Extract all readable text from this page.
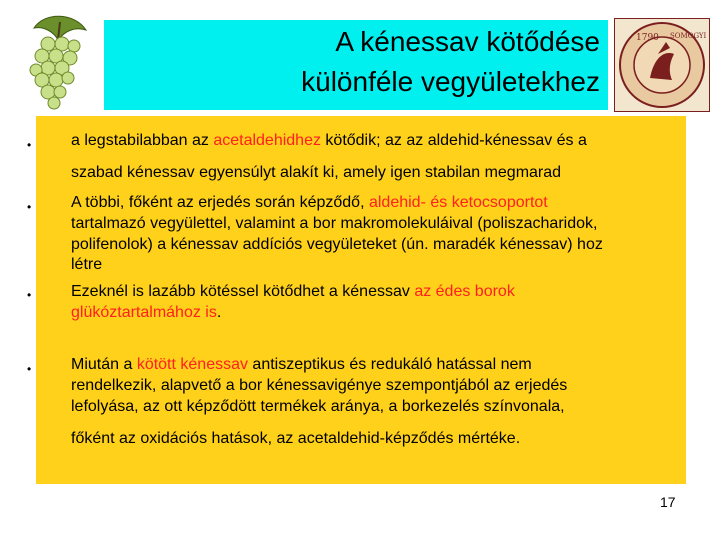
A kénessav kötődése
különféle vegyületekhez
1790 SOMOGYI
• a legstabilabban az acetaldehidhez kötődik; az az aldehid-kénessav és a
szabad kénessav egyensúlyt alakít ki, amely igen stabilan megmarad
• A többi, főként az erjedés során képződő, aldehid- és ketocsoportot
tartalmazó vegyülettel, valamint a bor makromolekuláival (poliszacharidok,
polifenolok) a kénessav addíciós vegyületeket (ún. maradék kénessav) hoz
létre
• Ezeknél is lazább kötéssel kötődhet a kénessav az édes borok
glükóztartalmához is.
• Miután a kötött kénessav antiszeptikus és redukáló hatással nem
rendelkezik, alapvető a bor kénessavigénye szempontjából az erjedés
lefolyása, az ott képződött termékek aránya, a borkezelés színvonala,
főként az oxidációs hatások, az acetaldehid-képződés mértéke.
17
